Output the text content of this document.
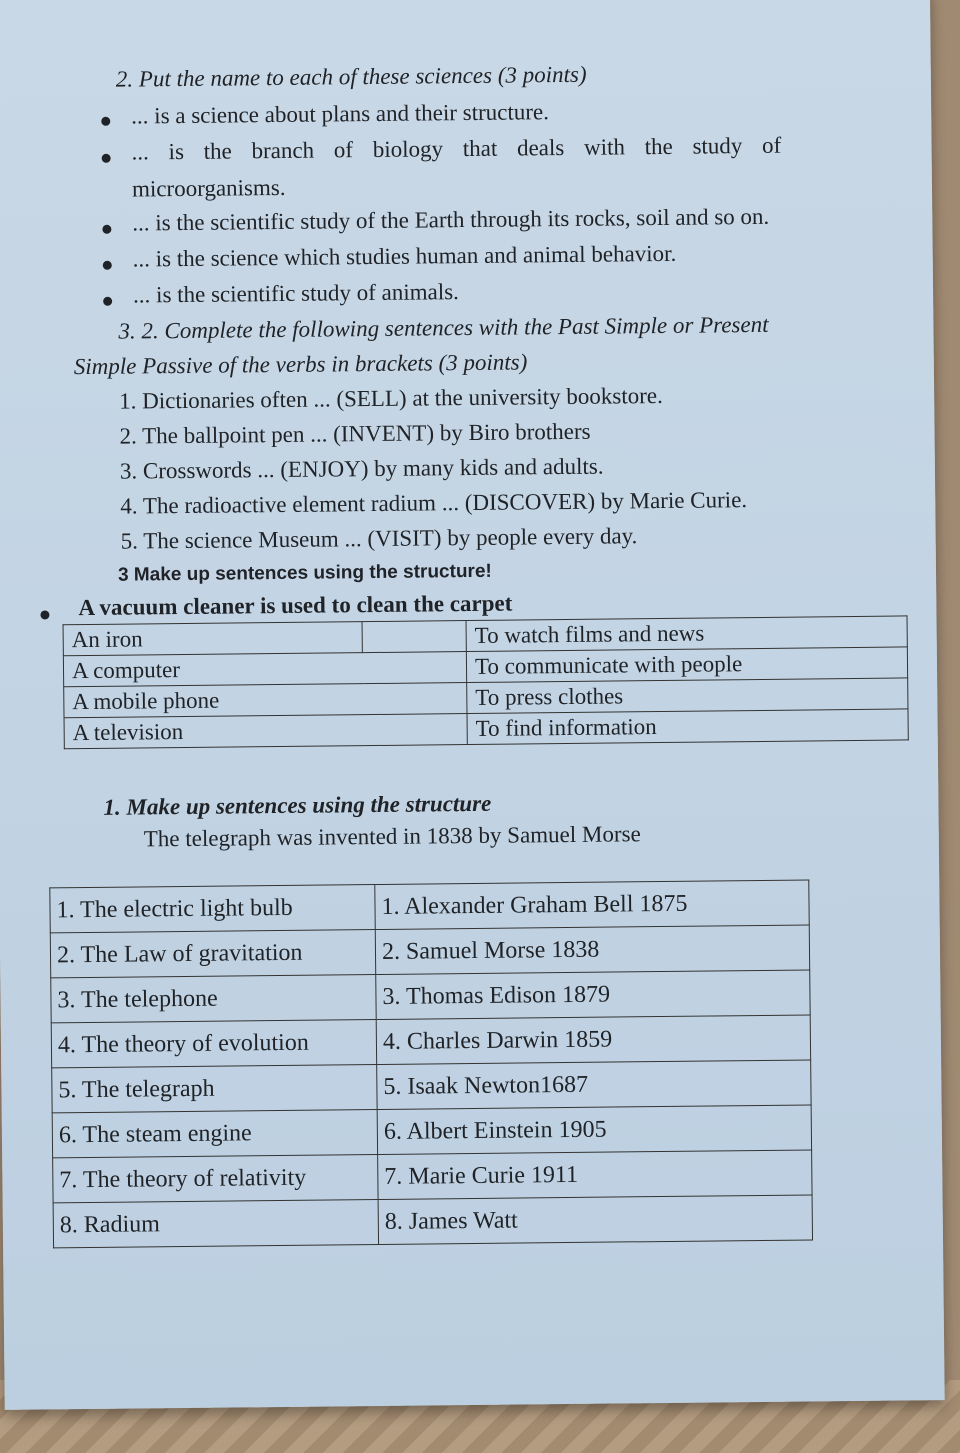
2. Put the name to each of these sciences (3 points)
... is a science about plans and their structure.
... is the branch of biology that deals with the study of
microorganisms.
... is the scientific study of the Earth through its rocks, soil and so on.
... is the science which studies human and animal behavior.
... is the scientific study of animals.
3. 2. Complete the following sentences with the Past Simple or Present
Simple Passive of the verbs in brackets (3 points)
1. Dictionaries often ... (SELL) at the university bookstore.
2. The ballpoint pen ... (INVENT) by Biro brothers
3. Crosswords ... (ENJOY) by many kids and adults.
4. The radioactive element radium ... (DISCOVER) by Marie Curie.
5. The science Museum ... (VISIT) by people every day.
3 Make up sentences using the structure!
A vacuum cleaner is used to clean the carpet
An iron		To watch films and news
A computer		To communicate with people
A mobile phone		To press clothes
A television		To find information
1. Make up sentences using the structure
The telegraph was invented in 1838 by Samuel Morse
1. The electric light bulb	1. Alexander Graham Bell 1875
2. The Law of gravitation	2. Samuel Morse 1838
3. The telephone	3. Thomas Edison 1879
4. The theory of evolution	4. Charles Darwin 1859
5. The telegraph	5. Isaak Newton1687
6. The steam engine	6. Albert Einstein 1905
7. The theory of relativity	7. Marie Curie 1911
8. Radium	8. James Watt
